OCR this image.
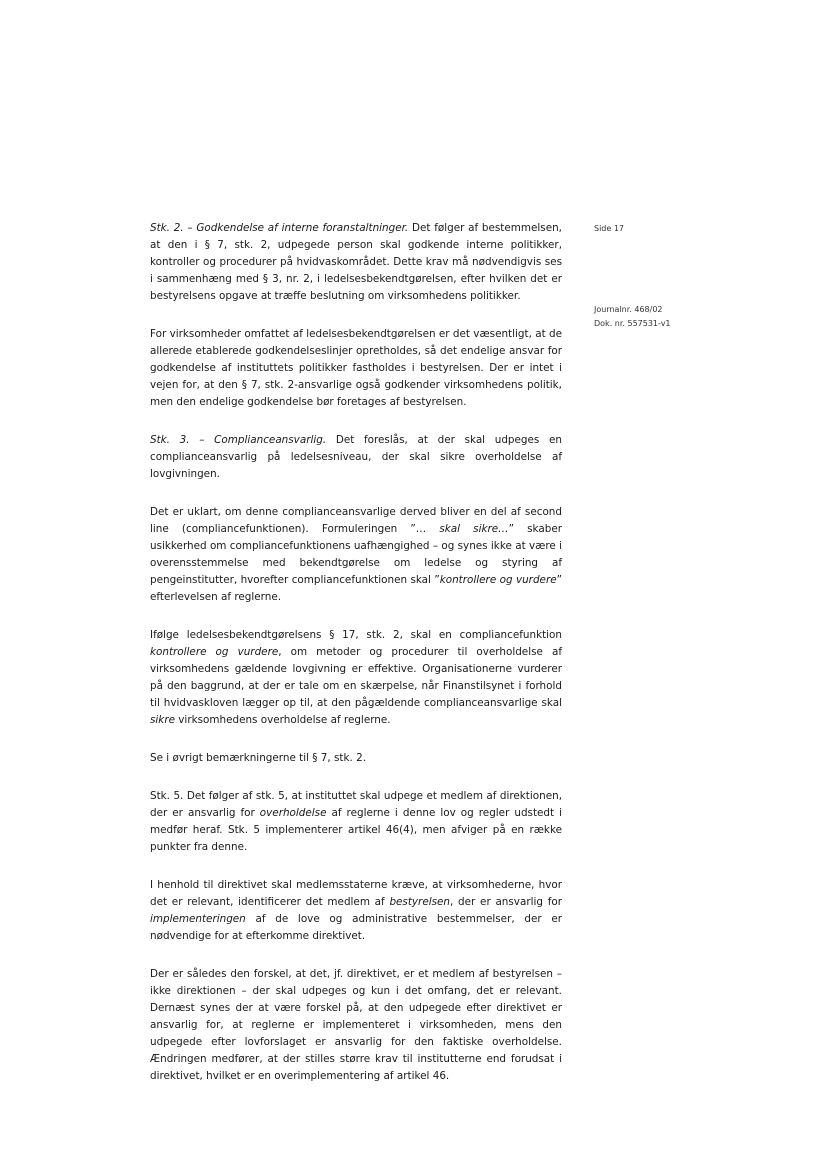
Side 17
Journalnr. 468/02
Dok. nr. 557531-v1

Stk. 2. – Godkendelse af interne foranstaltninger. Det følger af bestemmelsen, at den i § 7, stk. 2, udpegede person skal godkende interne politikker, kontroller og procedurer på hvidvaskområdet. Dette krav må nødvendigvis ses i sammenhæng med § 3, nr. 2, i ledelsesbekendtgørelsen, efter hvilken det er bestyrelsens opgave at træffe beslutning om virksomhedens politikker.

For virksomheder omfattet af ledelsesbekendtgørelsen er det væsentligt, at de allerede etablerede godkendelseslinjer opretholdes, så det endelige ansvar for godkendelse af instituttets politikker fastholdes i bestyrelsen. Der er intet i vejen for, at den § 7, stk. 2-ansvarlige også godkender virksomhedens politik, men den endelige godkendelse bør foretages af bestyrelsen.

Stk. 3. – Complianceansvarlig. Det foreslås, at der skal udpeges en complianceansvarlig på ledelsesniveau, der skal sikre overholdelse af lovgivningen.

Det er uklart, om denne complianceansvarlige derved bliver en del af second line (compliancefunktionen). Formuleringen ”… skal sikre…” skaber usikkerhed om compliancefunktionens uafhængighed – og synes ikke at være i overensstemmelse med bekendtgørelse om ledelse og styring af pengeinstitutter, hvorefter compliancefunktionen skal ”kontrollere og vurdere” efterlevelsen af reglerne.

Ifølge ledelsesbekendtgørelsens § 17, stk. 2, skal en compliancefunktion kontrollere og vurdere, om metoder og procedurer til overholdelse af virksomhedens gældende lovgivning er effektive. Organisationerne vurderer på den baggrund, at der er tale om en skærpelse, når Finanstilsynet i forhold til hvidvaskloven lægger op til, at den pågældende complianceansvarlige skal sikre virksomhedens overholdelse af reglerne.

Se i øvrigt bemærkningerne til § 7, stk. 2.

Stk. 5. Det følger af stk. 5, at instituttet skal udpege et medlem af direktionen, der er ansvarlig for overholdelse af reglerne i denne lov og regler udstedt i medfør heraf. Stk. 5 implementerer artikel 46(4), men afviger på en række punkter fra denne.

I henhold til direktivet skal medlemsstaterne kræve, at virksomhederne, hvor det er relevant, identificerer det medlem af bestyrelsen, der er ansvarlig for implementeringen af de love og administrative bestemmelser, der er nødvendige for at efterkomme direktivet.

Der er således den forskel, at det, jf. direktivet, er et medlem af bestyrelsen – ikke direktionen – der skal udpeges og kun i det omfang, det er relevant. Dernæst synes der at være forskel på, at den udpegede efter direktivet er ansvarlig for, at reglerne er implementeret i virksomheden, mens den udpegede efter lovforslaget er ansvarlig for den faktiske overholdelse. Ændringen medfører, at der stilles større krav til institutterne end forudsat i direktivet, hvilket er en overimplementering af artikel 46.
